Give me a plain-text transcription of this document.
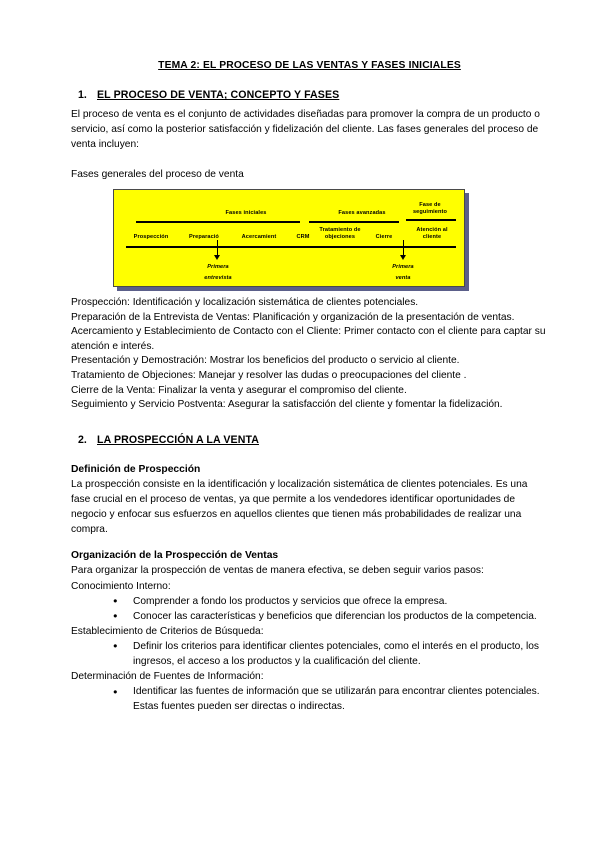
TEMA 2: EL PROCESO DE LAS VENTAS Y FASES INICIALES
1. EL PROCESO DE VENTA; CONCEPTO Y FASES

El proceso de venta es el conjunto de actividades diseñadas para promover la compra de un producto o servicio, así como la posterior satisfacción y fidelización del cliente. Las fases generales del proceso de venta incluyen:

Fases generales del proceso de venta

Fases iniciales	Fases avanzadas
Fase de seguimiento
Prospección	Preparació	Acercamient	CRM
Tratamiento de objeciones	Cierre
Atención al cliente
Primera
entrevista
Primera
venta

Prospección: Identificación y localización sistemática de clientes potenciales.

Preparación de la Entrevista de Ventas: Planificación y organización de la presentación de ventas.

Acercamiento y Establecimiento de Contacto con el Cliente: Primer contacto con el cliente para captar su atención e interés.

Presentación y Demostración: Mostrar los beneficios del producto o servicio al cliente.

Tratamiento de Objeciones: Manejar y resolver las dudas o preocupaciones del cliente .

Cierre de la Venta: Finalizar la venta y asegurar el compromiso del cliente.

Seguimiento y Servicio Postventa: Asegurar la satisfacción del cliente y fomentar la fidelización.

2. LA PROSPECCIÓN A LA VENTA

Definición de Prospección

La prospección consiste en la identificación y localización sistemática de clientes potenciales. Es una fase crucial en el proceso de ventas, ya que permite a los vendedores identificar oportunidades de negocio y enfocar sus esfuerzos en aquellos clientes que tienen más probabilidades de realizar una compra.

Organización de la Prospección de Ventas

Para organizar la prospección de ventas de manera efectiva, se deben seguir varios pasos:

Conocimiento Interno:

● Comprender a fondo los productos y servicios que ofrece la empresa.
● Conocer las características y beneficios que diferencian los productos de la competencia.

Establecimiento de Criterios de Búsqueda:

● Definir los criterios para identificar clientes potenciales, como el interés en el producto, los ingresos, el acceso a los productos y la cualificación del cliente.

Determinación de Fuentes de Información:

● Identificar las fuentes de información que se utilizarán para encontrar clientes potenciales. Estas fuentes pueden ser directas o indirectas.
